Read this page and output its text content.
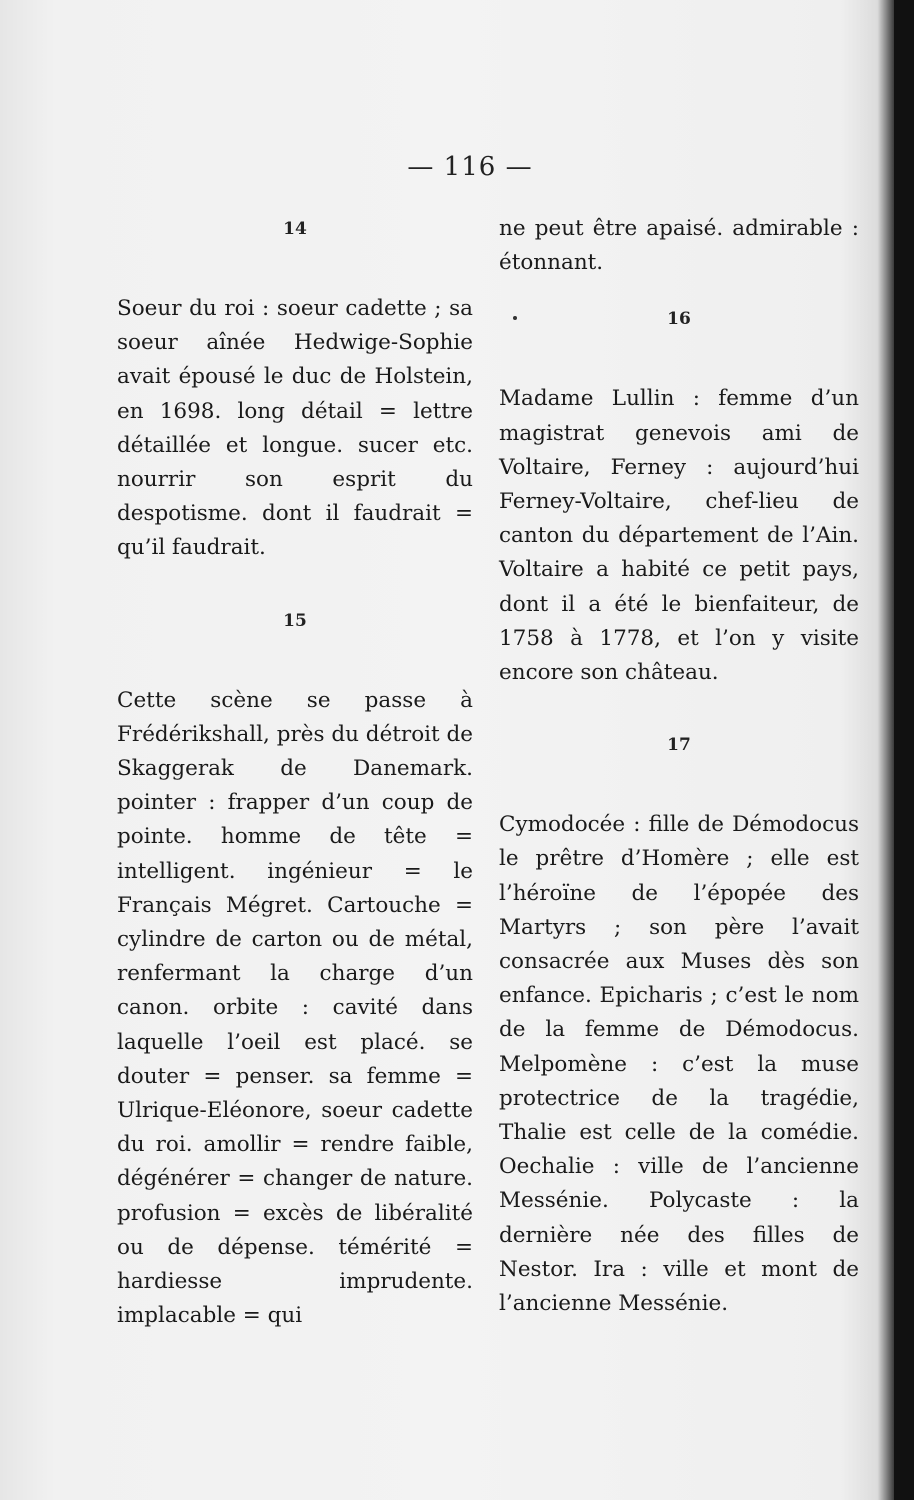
— 116 —
14

Soeur du roi : soeur cadette ; sa soeur aînée Hedwige-Sophie avait épousé le duc de Holstein, en 1698. long détail = lettre détaillée et longue. sucer etc. nourrir son esprit du despotisme. dont il faudrait = qu’il faudrait.

15

Cette scène se passe à Frédérikshall, près du détroit de Skaggerak de Danemark. pointer : frapper d’un coup de pointe. homme de tête = intelligent. ingénieur = le Français Mégret. Cartouche = cylindre de carton ou de métal, renfermant la charge d’un canon. orbite : cavité dans laquelle l’oeil est placé. se douter = penser. sa femme = Ulrique-Eléonore, soeur cadette du roi. amollir = rendre faible, dégénérer = changer de nature. profusion = excès de libéralité ou de dépense. témérité = hardiesse imprudente. implacable = qui

ne peut être apaisé. admirable : étonnant.

16

Madame Lullin : femme d’un magistrat genevois ami de Voltaire, Ferney : aujourd’hui Ferney-Voltaire, chef-lieu de canton du département de l’Ain. Voltaire a habité ce petit pays, dont il a été le bienfaiteur, de 1758 à 1778, et l’on y visite encore son château.

17

Cymodocée : fille de Démodocus le prêtre d’Homère ; elle est l’héroïne de l’épopée des Martyrs ; son père l’avait consacrée aux Muses dès son enfance. Epicharis ; c’est le nom de la femme de Démodocus. Melpomène : c’est la muse protectrice de la tragédie, Thalie est celle de la comédie. Oechalie : ville de l’ancienne Messénie. Polycaste : la dernière née des filles de Nestor. Ira : ville et mont de l’ancienne Messénie.
